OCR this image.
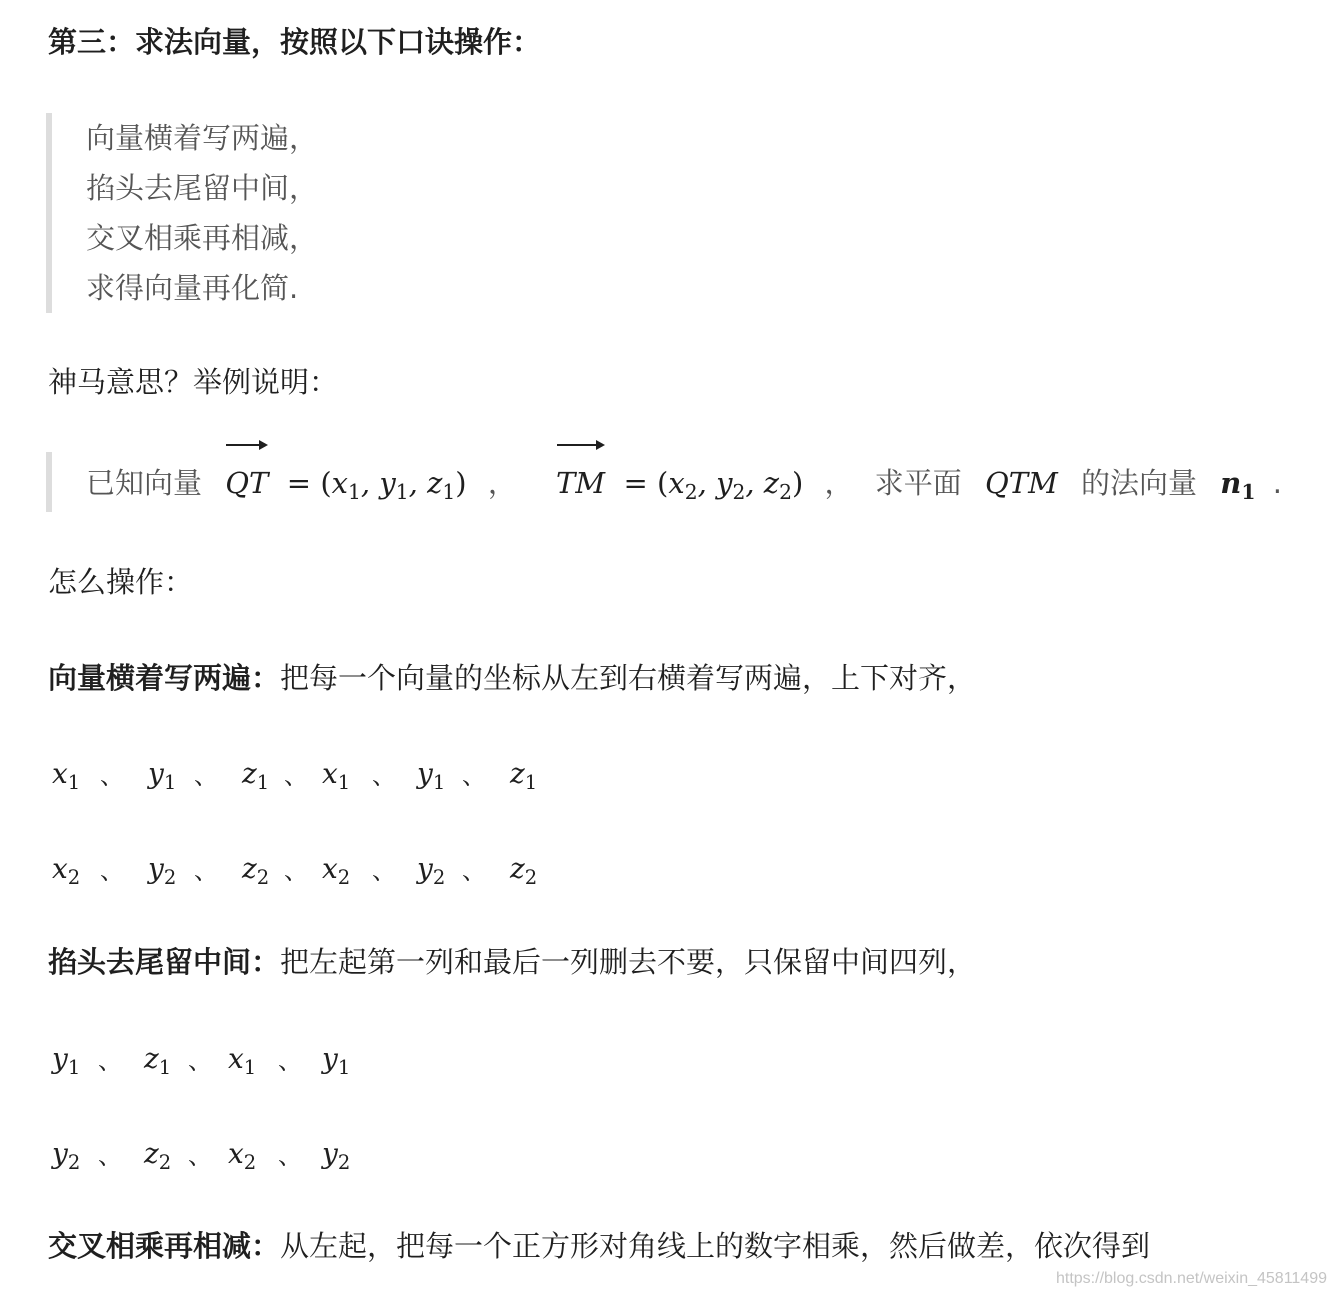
第三：求法向量，按照以下口诀操作：
向量横着写两遍，
掐头去尾留中间，
交叉相乘再相减，
求得向量再化简.
神马意思？举例说明：
已知向量 QT  = ($x_1$, $y_1$, $z_1$) ， TM  = ($x_2$, $y_2$, $z_2$) ， 求平面 QTM 的法向量 $n_1$ .
怎么操作：
向量横着写两遍：把每一个向量的坐标从左到右横着写两遍，上下对齐，
$x_1$ 、 $y_1$ 、 $z_1$ 、 $x_1$ 、 $y_1$ 、 $z_1$
$x_2$ 、 $y_2$ 、 $z_2$ 、 $x_2$ 、 $y_2$ 、 $z_2$
掐头去尾留中间：把左起第一列和最后一列删去不要，只保留中间四列，
$y_1$ 、 $z_1$ 、 $x_1$ 、 $y_1$
$y_2$ 、 $z_2$ 、 $x_2$ 、 $y_2$
交叉相乘再相减：从左起，把每一个正方形对角线上的数字相乘，然后做差，依次得到
https://blog.csdn.net/weixin_45811499
